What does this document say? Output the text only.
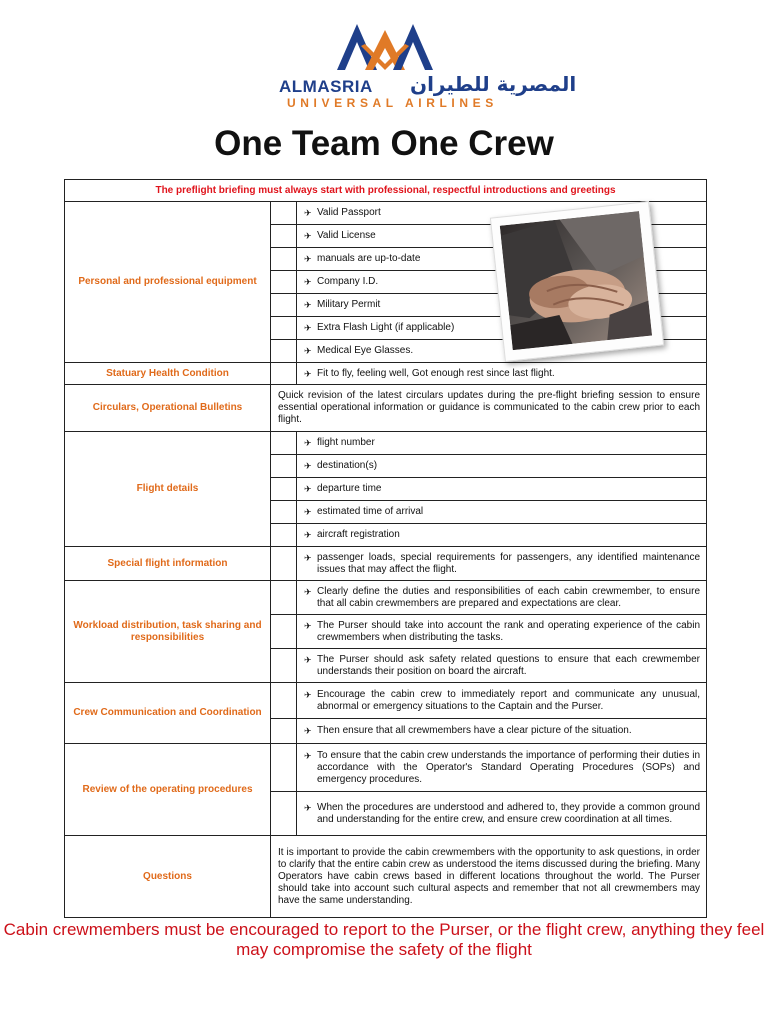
ALMASRIA المصرية للطيران
UNIVERSAL AIRLINES
One Team One Crew
The preflight briefing must always start with professional, respectful introductions and greetings		
Personal and professional equipment		✈ Valid Passport

		✈ Valid License

		✈ manuals are up-to-date

		✈ Company I.D.

		✈ Military Permit

		✈ Extra Flash Light (if applicable)

		✈ Medical Eye Glasses.

Statuary Health Condition		✈ Fit to fly, feeling well, Got enough rest since last flight.

Circulars, Operational Bulletins	Quick revision of the latest circulars updates during the pre-flight briefing session to ensure essential operational information or guidance is communicated to the cabin crew prior to each flight.	
Flight details		✈ flight number

		✈ destination(s)

		✈ departure time

		✈ estimated time of arrival

		✈ aircraft registration

Special flight information		✈ passenger loads, special requirements for passengers, any identified maintenance issues that may affect the flight.

Workload distribution, task sharing and responsibilities		✈ Clearly define the duties and responsibilities of each cabin crewmember, to ensure that all cabin crewmembers are prepared and expectations are clear.

		✈ The Purser should take into account the rank and operating experience of the cabin crewmembers when distributing the tasks.

		✈ The Purser should ask safety related questions to ensure that each crewmember understands their position on board the aircraft.

Crew Communication and Coordination		✈ Encourage the cabin crew to immediately report and communicate any unusual, abnormal or emergency situations to the Captain and the Purser.

		✈ Then ensure that all crewmembers have a clear picture of the situation.

Review of the operating procedures		✈ To ensure that the cabin crew understands the importance of performing their duties in accordance with the Operator's Standard Operating Procedures (SOPs) and emergency procedures.

		✈ When the procedures are understood and adhered to, they provide a common ground and understanding for the entire crew, and ensure crew coordination at all times.

Questions	It is important to provide the cabin crewmembers with the opportunity to ask questions, in order to clarify that the entire cabin crew as understood the items discussed during the briefing. Many Operators have cabin crews based in different locations throughout the world. The Purser should take into account such cultural aspects and remember that not all crewmembers may have the same understanding.	
Cabin crewmembers must be encouraged to report to the Purser, or the flight crew, anything they feel may compromise the safety of the flight
